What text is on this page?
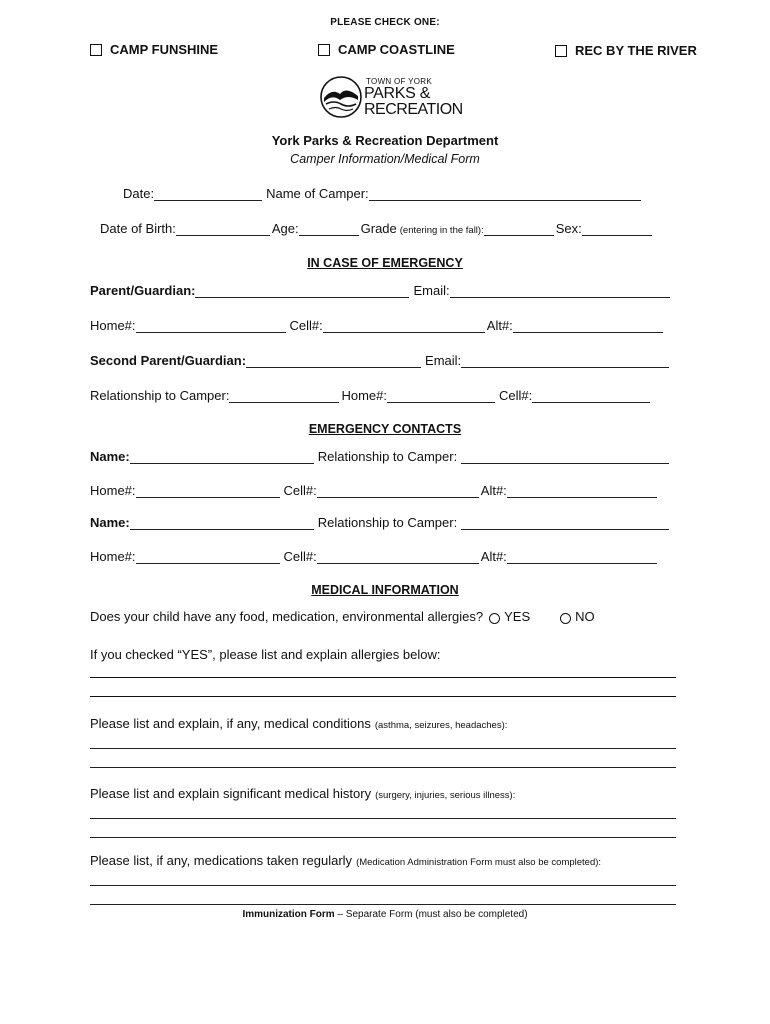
PLEASE CHECK ONE:
CAMP FUNSHINE	CAMP COASTLINE	REC BY THE RIVER
TOWN OF YORK
PARKS &
RECREATION
York Parks & Recreation Department
Camper Information/Medical Form
Date:	Name of Camper:
Date of Birth:	Age:	Grade (entering in the fall):	Sex:
IN CASE OF EMERGENCY
Parent/Guardian:	Email:
Home#:	Cell#:	Alt#:
Second Parent/Guardian:	Email:
Relationship to Camper:	Home#:	Cell#:
EMERGENCY CONTACTS
Name:	Relationship to Camper:
Home#:	Cell#:	Alt#:
Name:	Relationship to Camper:
Home#:	Cell#:	Alt#:
MEDICAL INFORMATION
Does your child have any food, medication, environmental allergies? YES	NO
If you checked “YES”, please list and explain allergies below:
Please list and explain, if any, medical conditions (asthma, seizures, headaches):
Please list and explain significant medical history (surgery, injuries, serious illness):
Please list, if any, medications taken regularly (Medication Administration Form must also be completed):
Immunization Form – Separate Form (must also be completed)
